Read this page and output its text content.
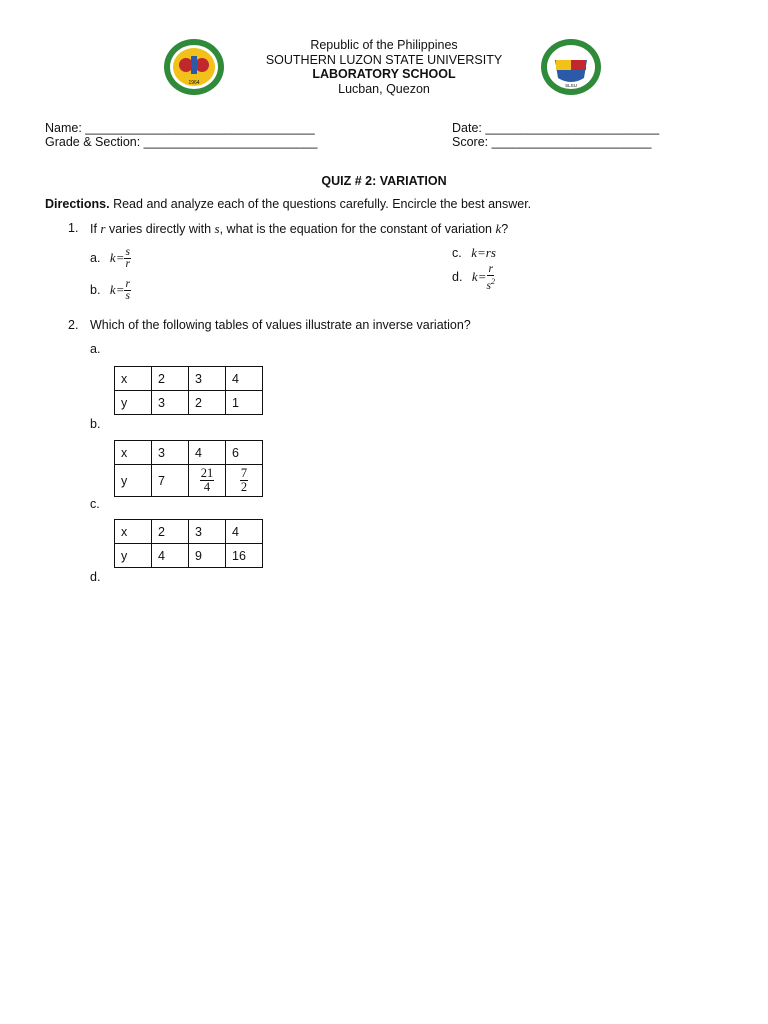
Republic of the Philippines
SOUTHERN LUZON STATE UNIVERSITY
LABORATORY SCHOOL
Lucban, Quezon
1964	SLSU
Name: _________________________________	Date: _________________________
Grade & Section: _________________________	Score: _______________________
QUIZ # 2: VARIATION
Directions. Read and analyze each of the questions carefully. Encircle the best answer.
1. If r varies directly with s, what is the equation for the constant of variation k?
a. $k= \frac{s}{r}$
b. $k= \frac{r}{s}$
c. k=rs
d. $k= \frac{r}{s^2}$
2. Which of the following tables of values illustrate an inverse variation?
a.
x	2	3	4
y	3	2	1
b.
x	3	4	6
y	7	$\frac{21}{4}$	$\frac{7}{2}$
c.
x	2	3	4
y	4	9	16
d.
